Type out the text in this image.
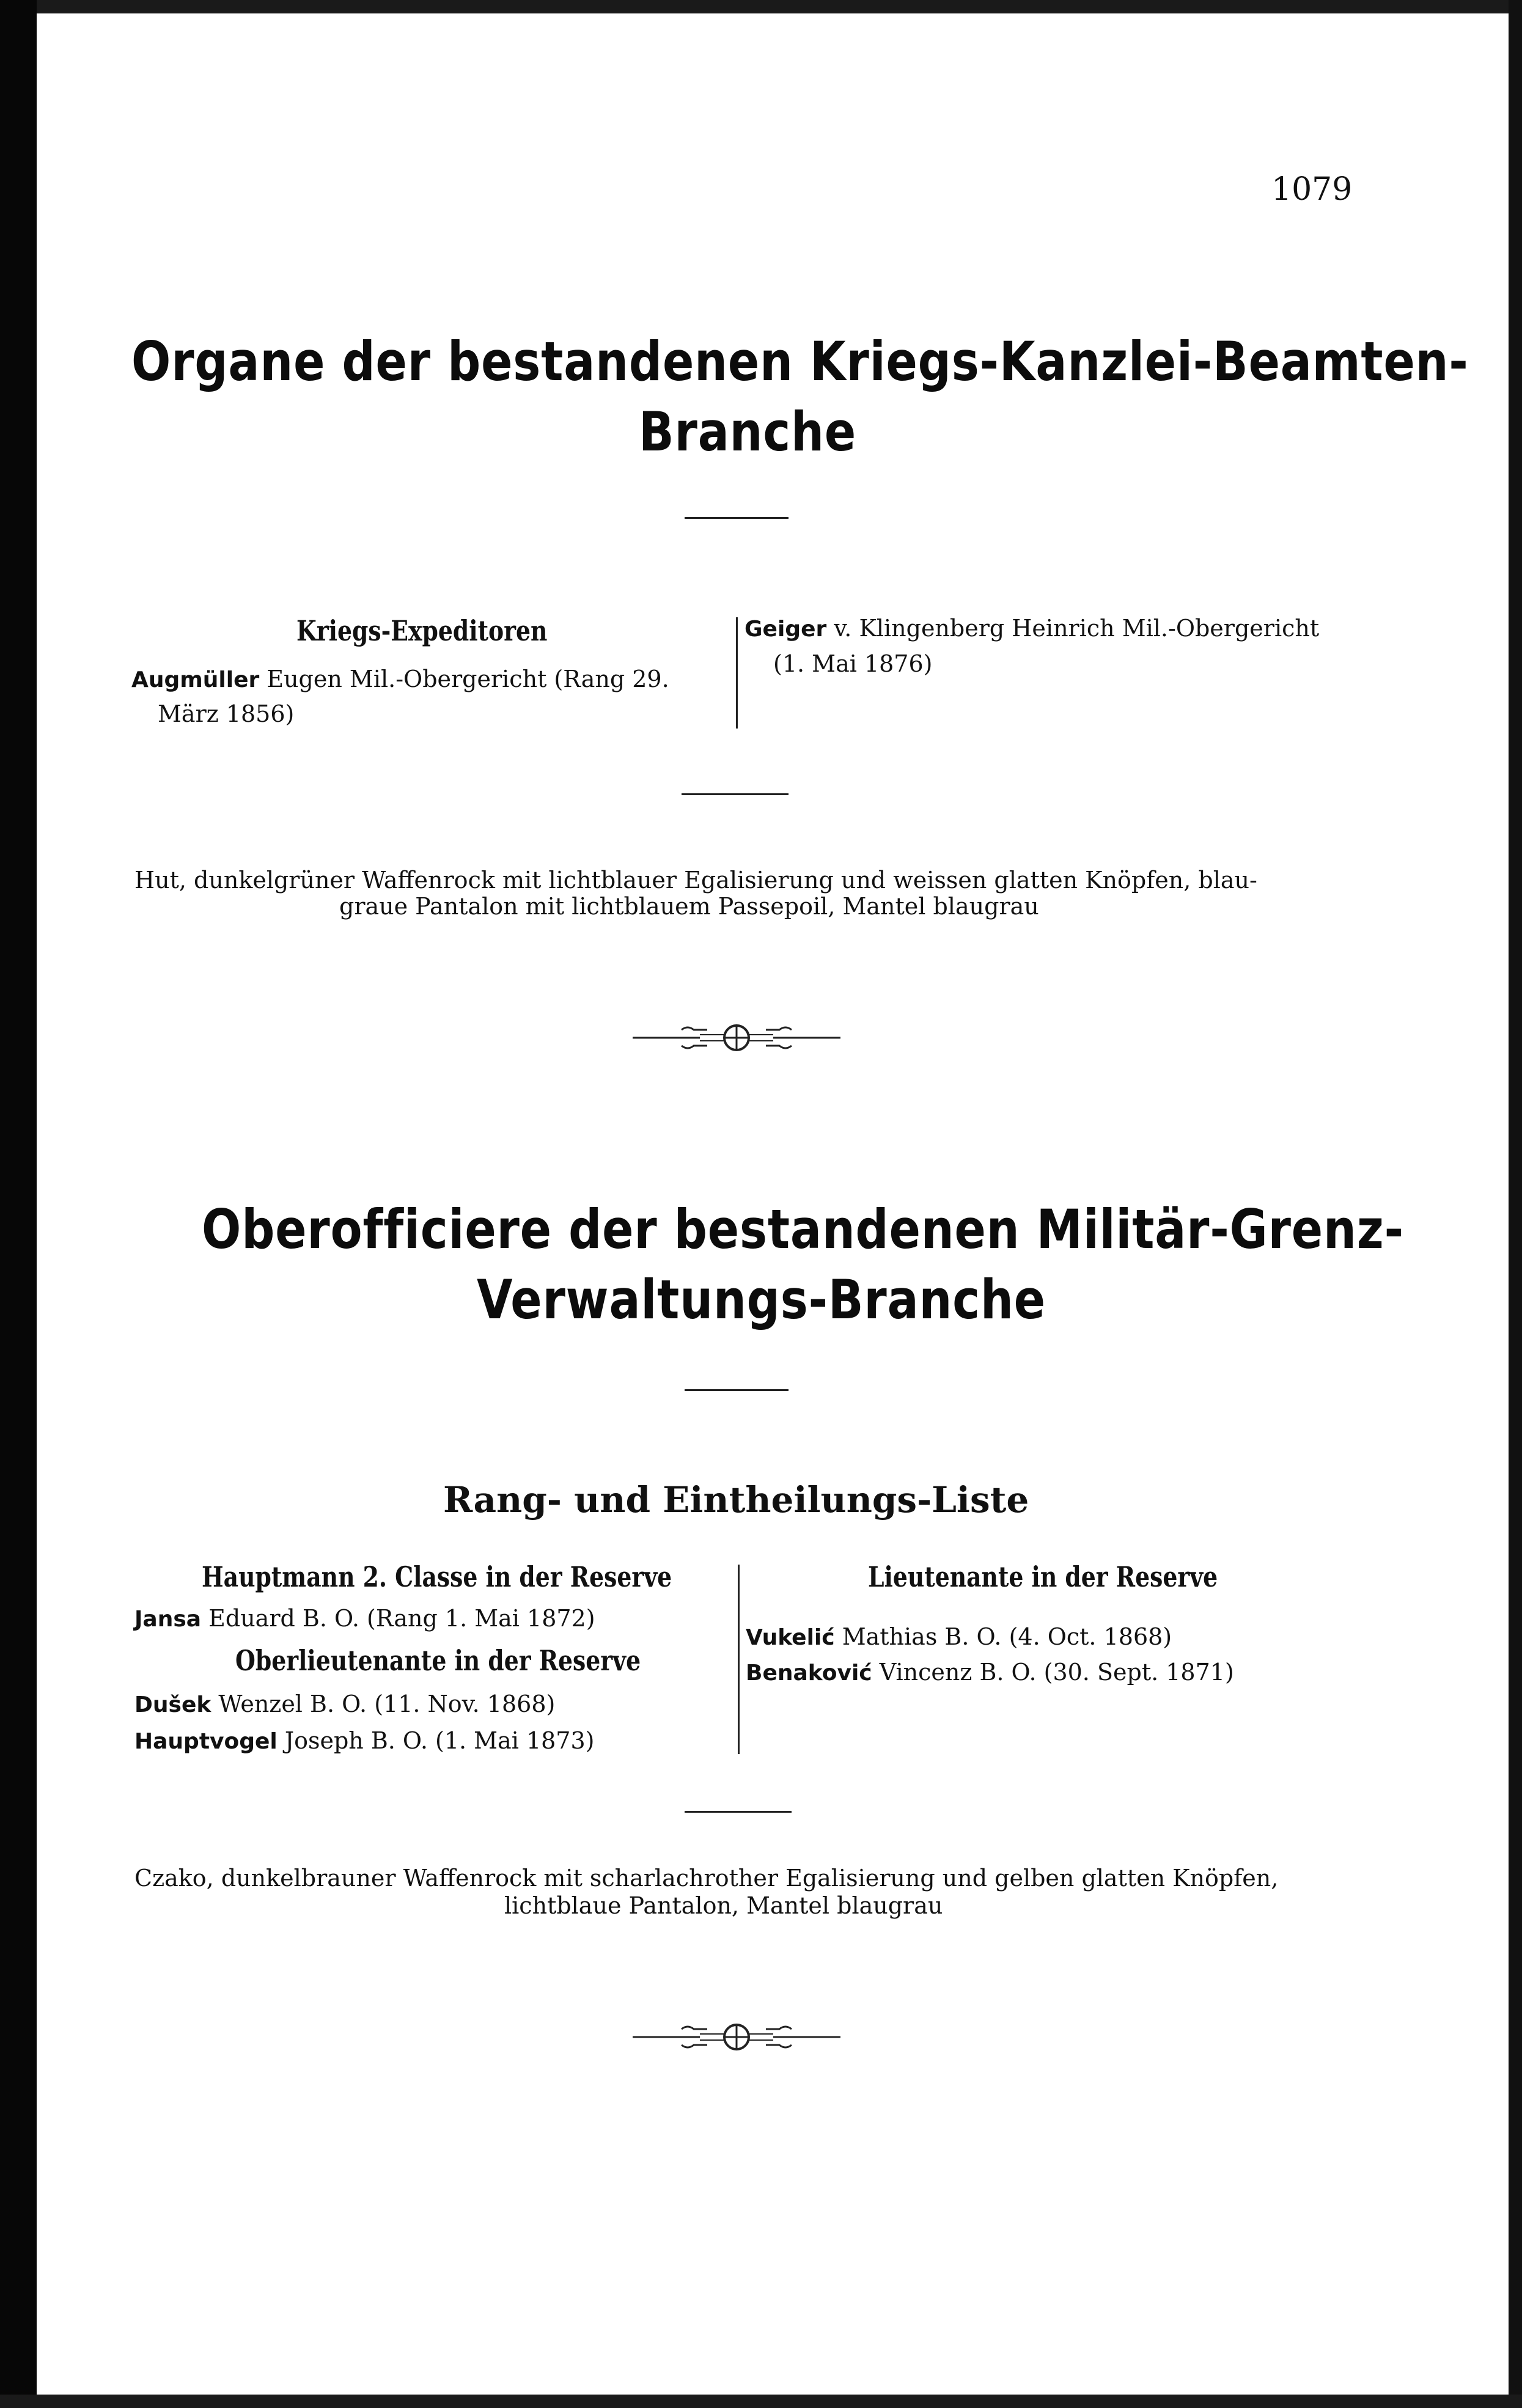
1079
Organe der bestandenen Kriegs-Kanzlei-Beamten-
Branche
Kriegs-Expeditoren
Augmüller Eugen Mil.-Obergericht (Rang 29.
März 1856)
Geiger v. Klingenberg Heinrich Mil.-Obergericht
(1. Mai 1876)
Hut, dunkelgrüner Waffenrock mit lichtblauer Egalisierung und weissen glatten Knöpfen, blau-
graue Pantalon mit lichtblauem Passepoil, Mantel blaugrau
Oberofficiere der bestandenen Militär-Grenz-
Verwaltungs-Branche
Rang- und Eintheilungs-Liste
Hauptmann 2. Classe in der Reserve
Jansa Eduard B. O. (Rang 1. Mai 1872)
Oberlieutenante in der Reserve
Dušek Wenzel B. O. (11. Nov. 1868)
Hauptvogel Joseph B. O. (1. Mai 1873)
Lieutenante in der Reserve
Vukelić Mathias B. O. (4. Oct. 1868)
Benaković Vincenz B. O. (30. Sept. 1871)
Czako, dunkelbrauner Waffenrock mit scharlachrother Egalisierung und gelben glatten Knöpfen,
lichtblaue Pantalon, Mantel blaugrau
